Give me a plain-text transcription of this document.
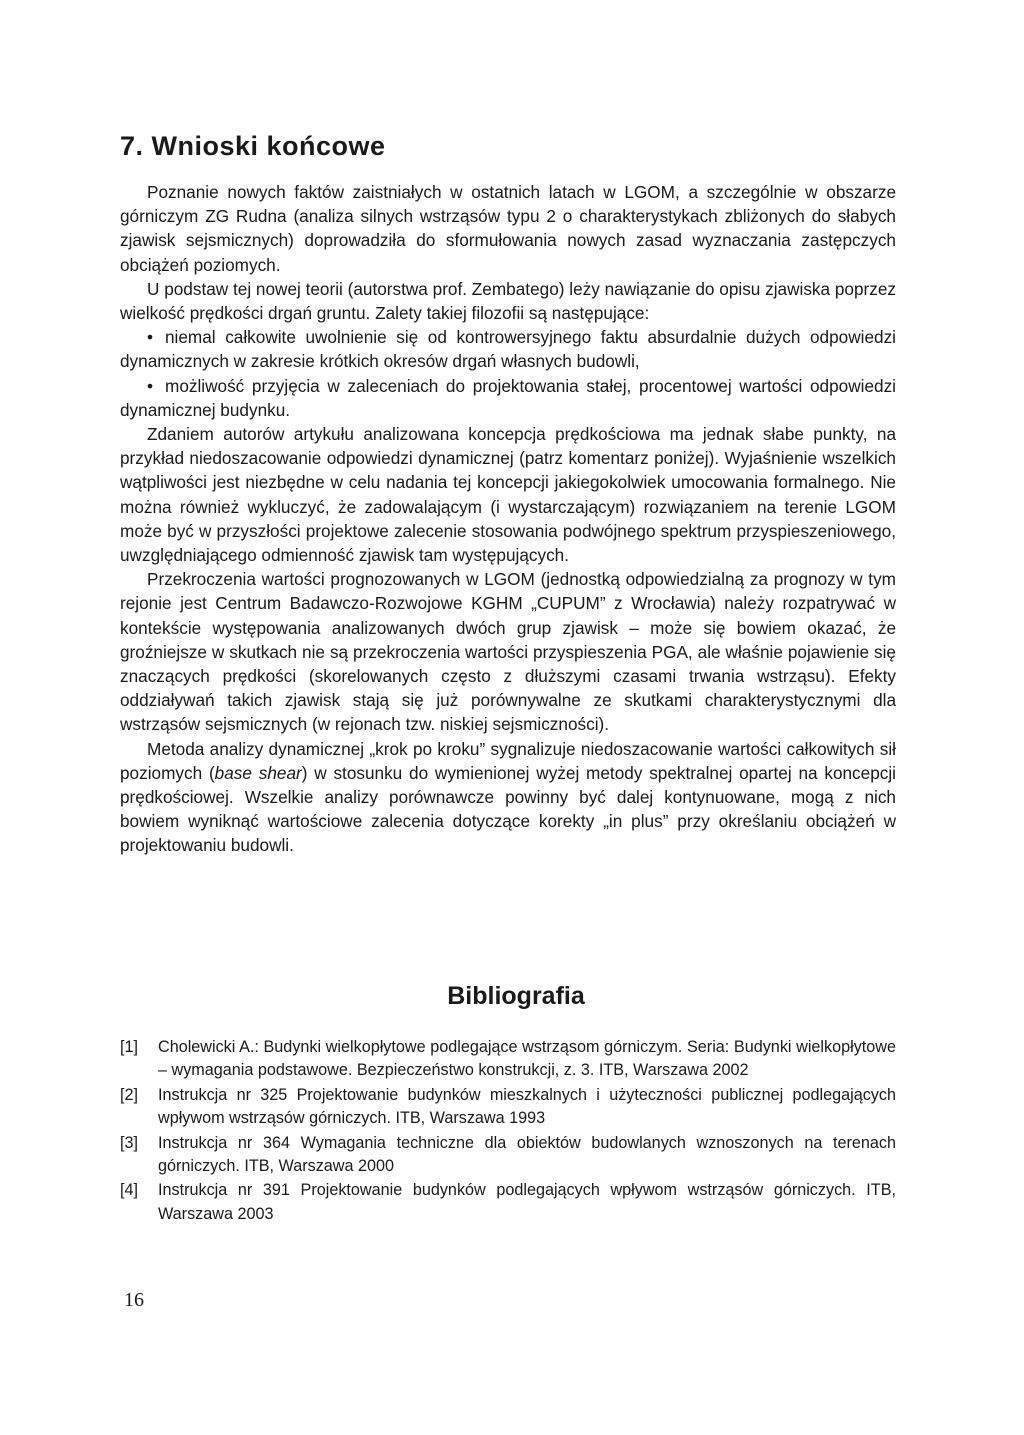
7. Wnioski końcowe

Poznanie nowych faktów zaistniałych w ostatnich latach w LGOM, a szczególnie w obszarze górniczym ZG Rudna (analiza silnych wstrząsów typu 2 o charakterystykach zbliżonych do słabych zjawisk sejsmicznych) doprowadziła do sformułowania nowych zasad wyznaczania zastępczych obciążeń poziomych.

U podstaw tej nowej teorii (autorstwa prof. Zembatego) leży nawiązanie do opisu zjawiska poprzez wielkość prędkości drgań gruntu. Zalety takiej filozofii są następujące:

• niemal całkowite uwolnienie się od kontrowersyjnego faktu absurdalnie dużych odpowiedzi dynamicznych w zakresie krótkich okresów drgań własnych budowli,

• możliwość przyjęcia w zaleceniach do projektowania stałej, procentowej wartości odpowiedzi dynamicznej budynku.

Zdaniem autorów artykułu analizowana koncepcja prędkościowa ma jednak słabe punkty, na przykład niedoszacowanie odpowiedzi dynamicznej (patrz komentarz poniżej). Wyjaśnienie wszelkich wątpliwości jest niezbędne w celu nadania tej koncepcji jakiegokolwiek umocowania formalnego. Nie można również wykluczyć, że zadowalającym (i wystarczającym) rozwiązaniem na terenie LGOM może być w przyszłości projektowe zalecenie stosowania podwójnego spektrum przyspieszeniowego, uwzględniającego odmienność zjawisk tam występujących.

Przekroczenia wartości prognozowanych w LGOM (jednostką odpowiedzialną za prognozy w tym rejonie jest Centrum Badawczo-Rozwojowe KGHM „CUPUM” z Wrocławia) należy rozpatrywać w kontekście występowania analizowanych dwóch grup zjawisk – może się bowiem okazać, że groźniejsze w skutkach nie są przekroczenia wartości przyspieszenia PGA, ale właśnie pojawienie się znaczących prędkości (skorelowanych często z dłuższymi czasami trwania wstrząsu). Efekty oddziaływań takich zjawisk stają się już porównywalne ze skutkami charakterystycznymi dla wstrząsów sejsmicznych (w rejonach tzw. niskiej sejsmiczności).

Metoda analizy dynamicznej „krok po kroku” sygnalizuje niedoszacowanie wartości całkowitych sił poziomych (base shear) w stosunku do wymienionej wyżej metody spektralnej opartej na koncepcji prędkościowej. Wszelkie analizy porównawcze powinny być dalej kontynuowane, mogą z nich bowiem wyniknąć wartościowe zalecenia dotyczące korekty „in plus” przy określaniu obciążeń w projektowaniu budowli.

Bibliografia
[1] Cholewicki A.: Budynki wielkopłytowe podlegające wstrząsom górniczym. Seria: Budynki wielkopłytowe – wymagania podstawowe. Bezpieczeństwo konstrukcji, z. 3. ITB, Warszawa 2002
[2] Instrukcja nr 325 Projektowanie budynków mieszkalnych i użyteczności publicznej podlegających wpływom wstrząsów górniczych. ITB, Warszawa 1993
[3] Instrukcja nr 364 Wymagania techniczne dla obiektów budowlanych wznoszonych na terenach górniczych. ITB, Warszawa 2000
[4] Instrukcja nr 391 Projektowanie budynków podlegających wpływom wstrząsów górniczych. ITB, Warszawa 2003
16
